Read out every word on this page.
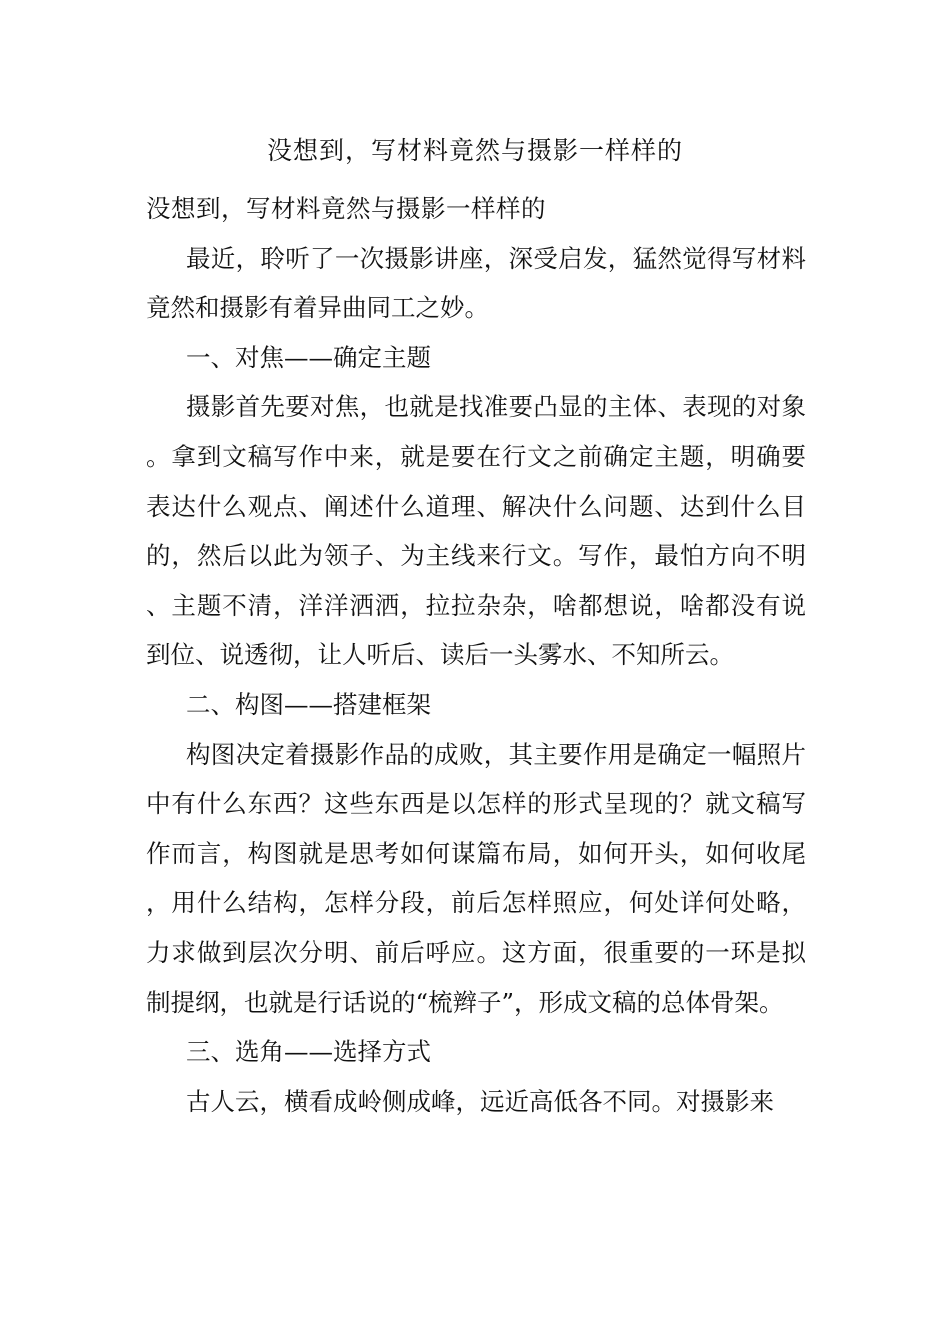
没想到，写材料竟然与摄影一样样的

没想到，写材料竟然与摄影一样样的

最近，聆听了一次摄影讲座，深受启发，猛然觉得写材料竟然和摄影有着异曲同工之妙。

一、对焦——确定主题

摄影首先要对焦，也就是找准要凸显的主体、表现的对象。拿到文稿写作中来，就是要在行文之前确定主题，明确要表达什么观点、阐述什么道理、解决什么问题、达到什么目的，然后以此为领子、为主线来行文。写作，最怕方向不明、主题不清，洋洋洒洒，拉拉杂杂，啥都想说，啥都没有说到位、说透彻，让人听后、读后一头雾水、不知所云。

二、构图——搭建框架

构图决定着摄影作品的成败，其主要作用是确定一幅照片中有什么东西？这些东西是以怎样的形式呈现的？就文稿写作而言，构图就是思考如何谋篇布局，如何开头，如何收尾，用什么结构，怎样分段，前后怎样照应，何处详何处略，力求做到层次分明、前后呼应。这方面，很重要的一环是拟制提纲，也就是行话说的“梳辫子”，形成文稿的总体骨架。

三、选角——选择方式

古人云，横看成岭侧成峰，远近高低各不同。对摄影来
